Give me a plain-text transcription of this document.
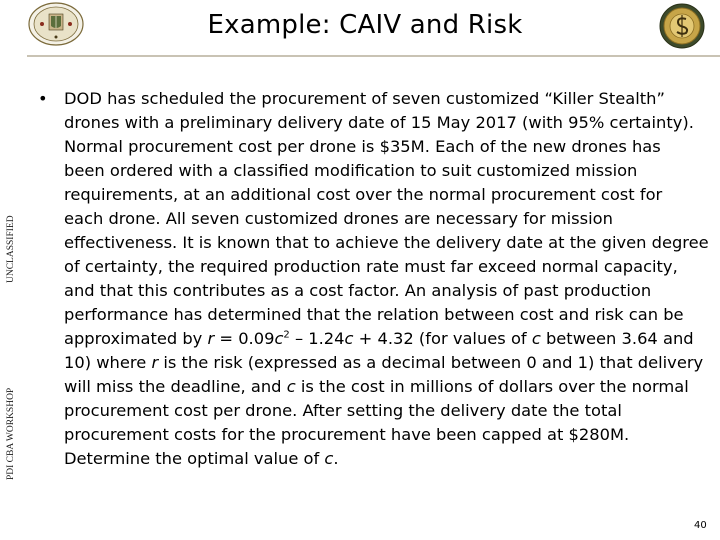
UNCLASSIFIED
PDI CBA WORKSHOP
Example: CAIV and Risk
• DOD has scheduled the procurement of seven customized “Killer Stealth”
drones with a preliminary delivery date of 15 May 2017 (with 95% certainty).
Normal procurement cost per drone is $35M. Each of the new drones has
been ordered with a classified modification to suit customized mission
requirements, at an additional cost over the normal procurement cost for
each drone. All seven customized drones are necessary for mission
effectiveness. It is known that to achieve the delivery date at the given degree
of certainty, the required production rate must far exceed normal capacity,
and that this contributes as a cost factor. An analysis of past production
performance has determined that the relation between cost and risk can be
approximated by $r = 0.09c^2 - 1.24c + 4.32$ (for values of c between 3.64 and
10) where r is the risk (expressed as a decimal between 0 and 1) that delivery
will miss the deadline, and c is the cost in millions of dollars over the normal
procurement cost per drone. After setting the delivery date the total
procurement costs for the procurement have been capped at $280M.
Determine the optimal value of c.
40
